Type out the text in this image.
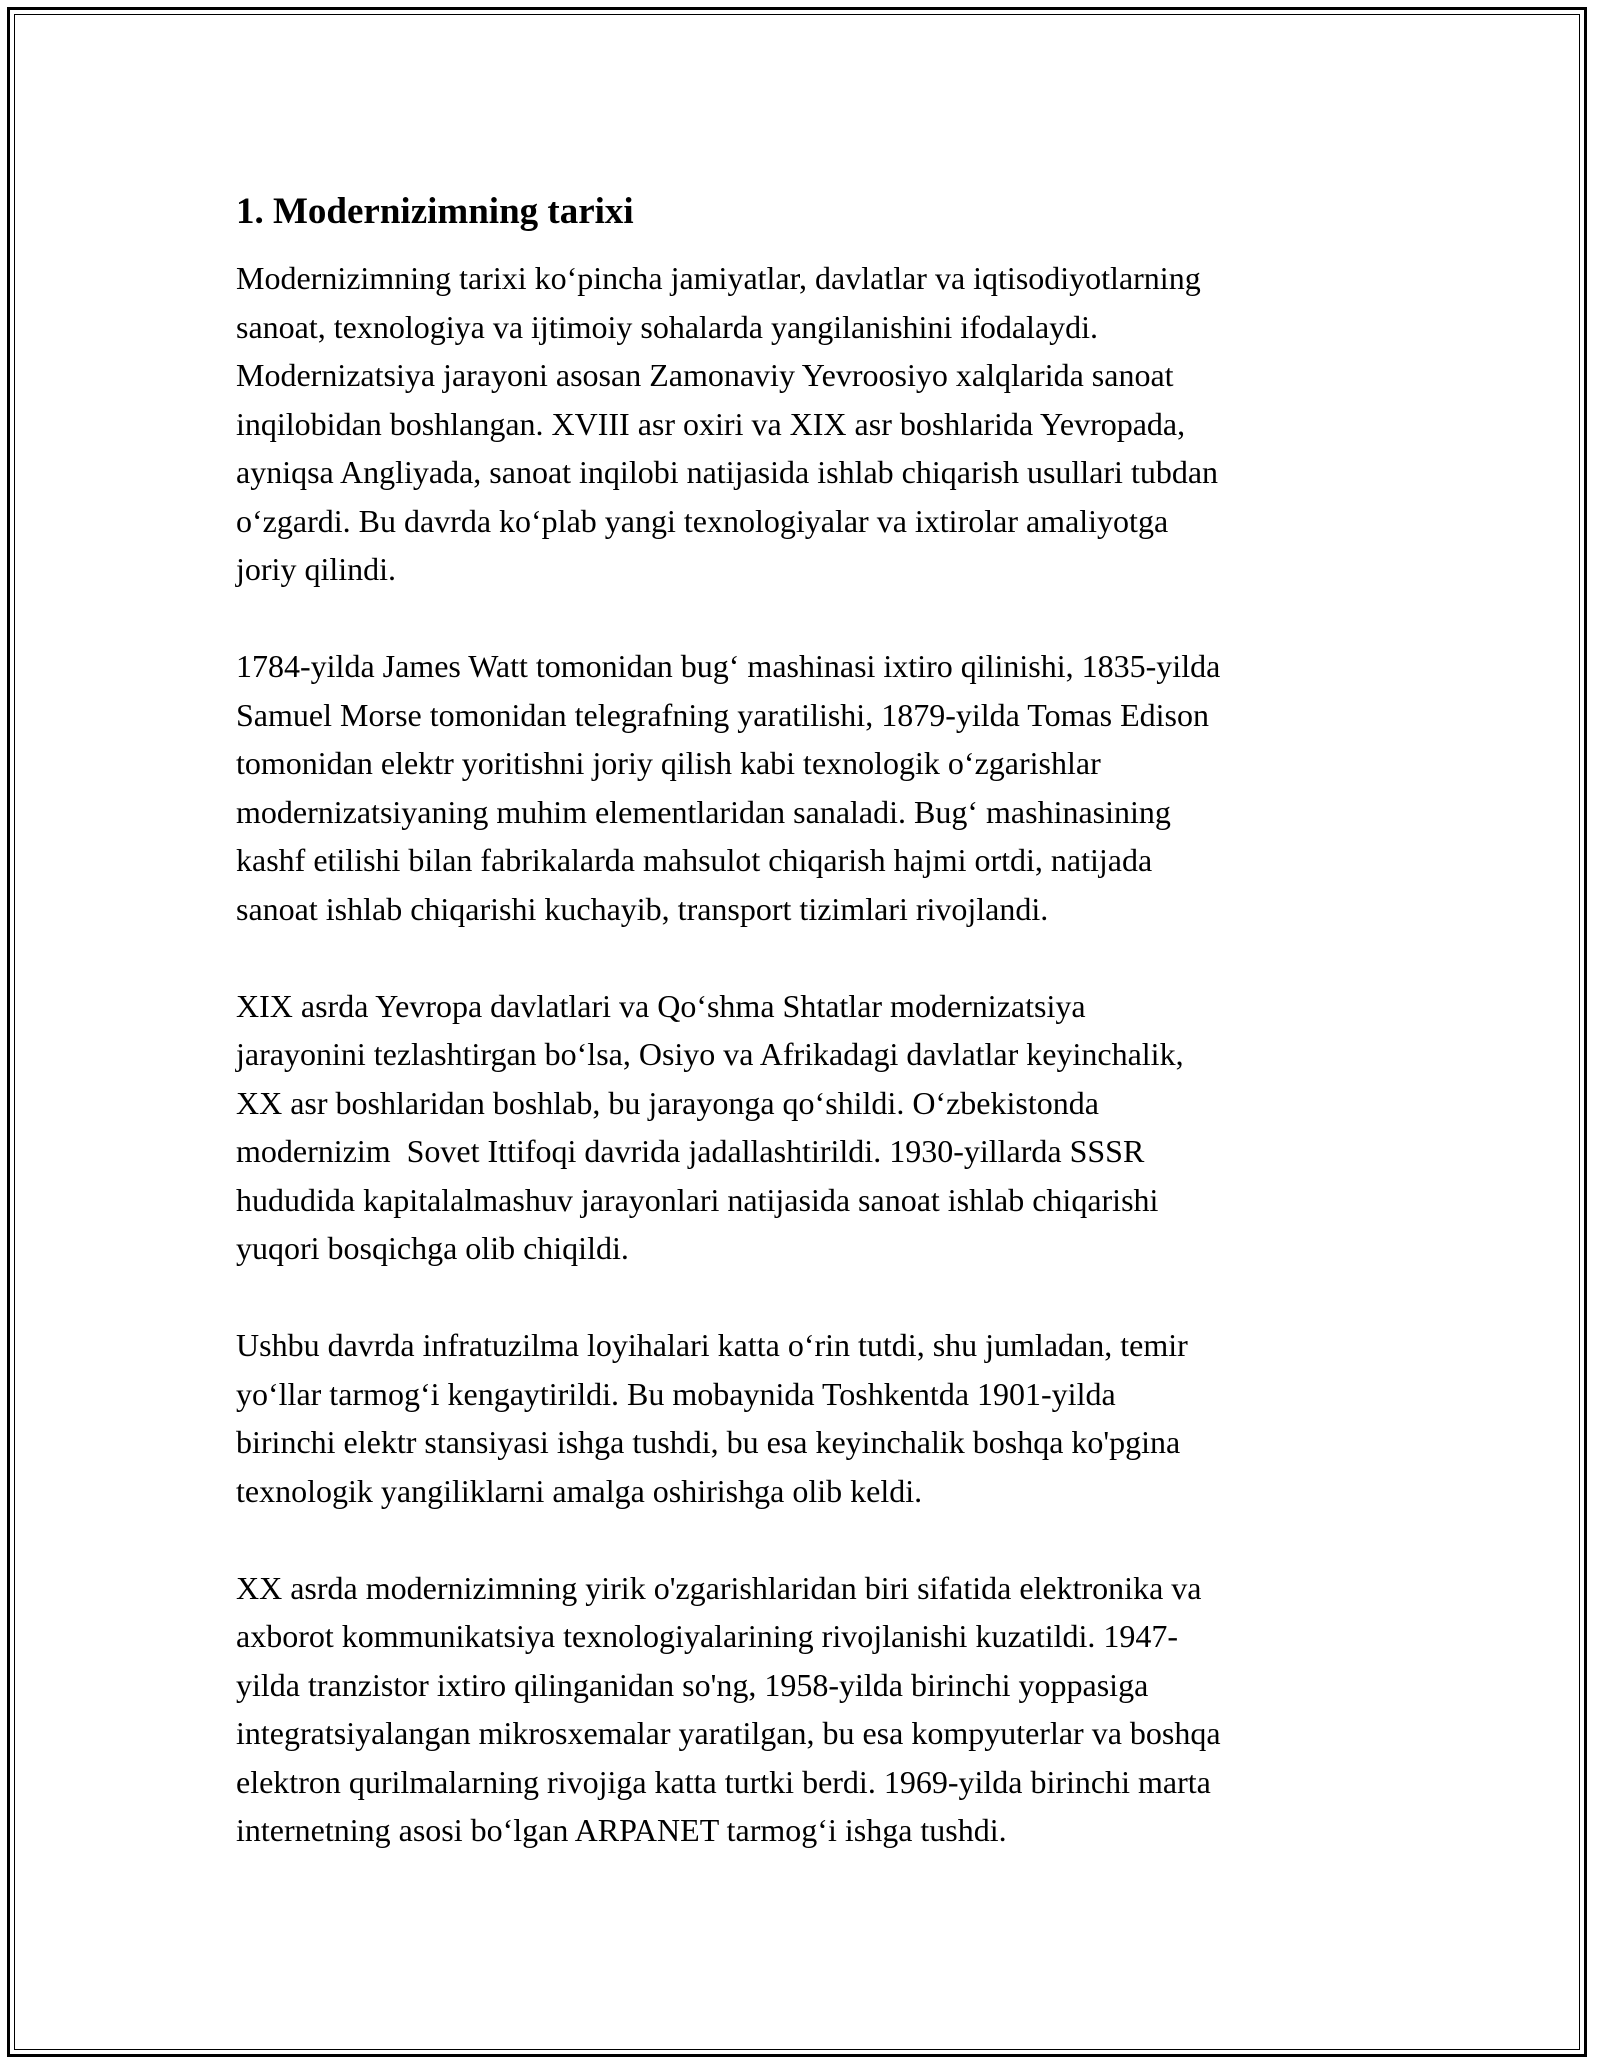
1. Modernizimning tarixi

Modernizimning tarixi ko‘pincha jamiyatlar, davlatlar va iqtisodiyotlarning
sanoat, texnologiya va ijtimoiy sohalarda yangilanishini ifodalaydi.
Modernizatsiya jarayoni asosan Zamonaviy Yevroosiyo xalqlarida sanoat
inqilobidan boshlangan. XVIII asr oxiri va XIX asr boshlarida Yevropada,
ayniqsa Angliyada, sanoat inqilobi natijasida ishlab chiqarish usullari tubdan
o‘zgardi. Bu davrda ko‘plab yangi texnologiyalar va ixtirolar amaliyotga
joriy qilindi.

1784-yilda James Watt tomonidan bug‘ mashinasi ixtiro qilinishi, 1835-yilda
Samuel Morse tomonidan telegrafning yaratilishi, 1879-yilda Tomas Edison
tomonidan elektr yoritishni joriy qilish kabi texnologik o‘zgarishlar
modernizatsiyaning muhim elementlaridan sanaladi. Bug‘ mashinasining
kashf etilishi bilan fabrikalarda mahsulot chiqarish hajmi ortdi, natijada
sanoat ishlab chiqarishi kuchayib, transport tizimlari rivojlandi.

XIX asrda Yevropa davlatlari va Qo‘shma Shtatlar modernizatsiya
jarayonini tezlashtirgan bo‘lsa, Osiyo va Afrikadagi davlatlar keyinchalik,
XX asr boshlaridan boshlab, bu jarayonga qo‘shildi. O‘zbekistonda
modernizim  Sovet Ittifoqi davrida jadallashtirildi. 1930-yillarda SSSR
hududida kapitalalmashuv jarayonlari natijasida sanoat ishlab chiqarishi
yuqori bosqichga olib chiqildi.

Ushbu davrda infratuzilma loyihalari katta o‘rin tutdi, shu jumladan, temir
yo‘llar tarmog‘i kengaytirildi. Bu mobaynida Toshkentda 1901-yilda
birinchi elektr stansiyasi ishga tushdi, bu esa keyinchalik boshqa ko'pgina
texnologik yangiliklarni amalga oshirishga olib keldi.

XX asrda modernizimning yirik o'zgarishlaridan biri sifatida elektronika va
axborot kommunikatsiya texnologiyalarining rivojlanishi kuzatildi. 1947-
yilda tranzistor ixtiro qilinganidan so'ng, 1958-yilda birinchi yoppasiga
integratsiyalangan mikrosxemalar yaratilgan, bu esa kompyuterlar va boshqa
elektron qurilmalarning rivojiga katta turtki berdi. 1969-yilda birinchi marta
internetning asosi bo‘lgan ARPANET tarmog‘i ishga tushdi.
